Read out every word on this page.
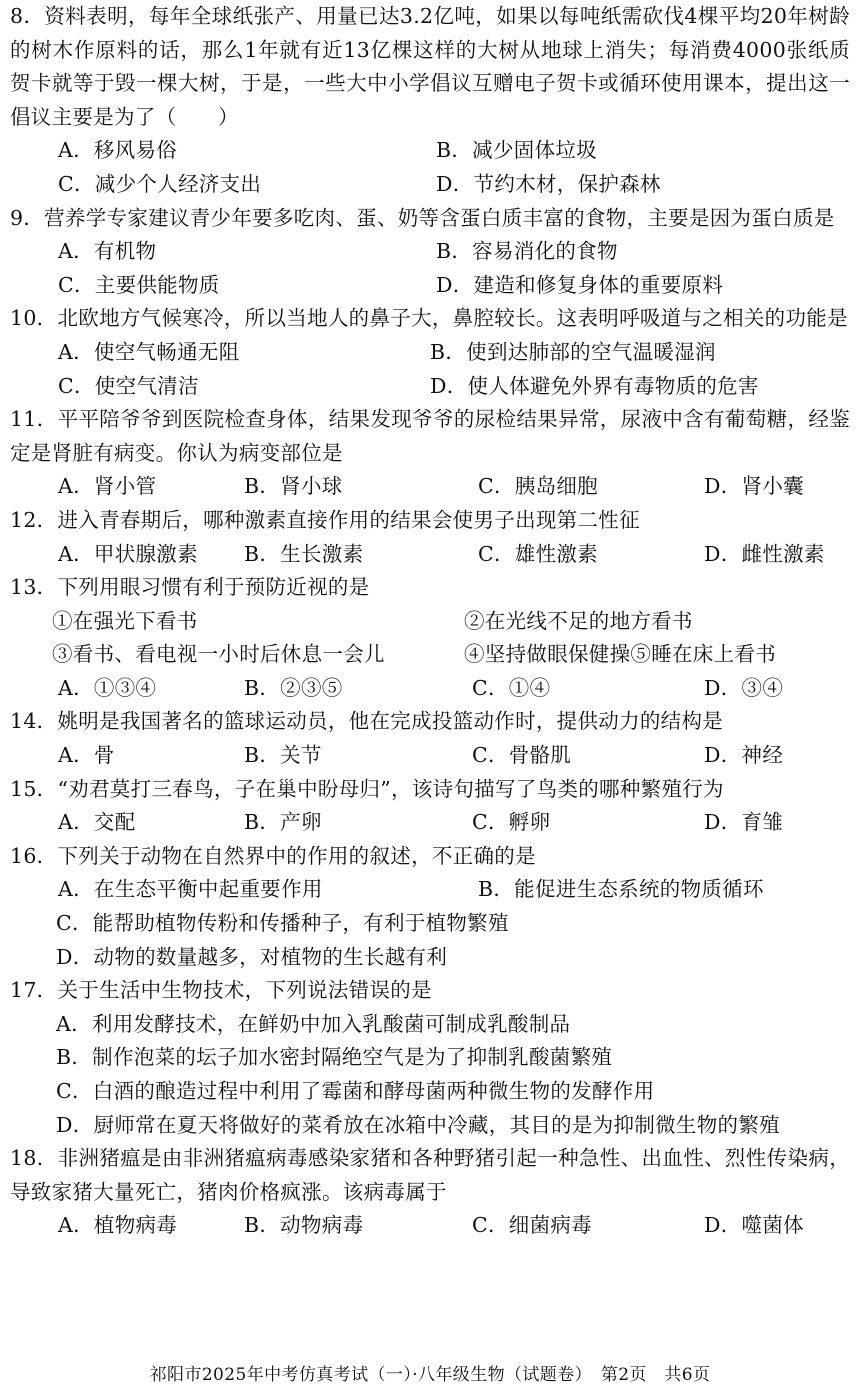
8．资料表明，每年全球纸张产、用量已达3.2亿吨，如果以每吨纸需砍伐4棵平均20年树龄的树木作原料的话，那么1年就有近13亿棵这样的大树从地球上消失；每消费4000张纸质贺卡就等于毁一棵大树，于是，一些大中小学倡议互赠电子贺卡或循环使用课本，提出这一倡议主要是为了（　　）
A．移风易俗	B．减少固体垃圾
C．减少个人经济支出	D．节约木材，保护森林
9．营养学专家建议青少年要多吃肉、蛋、奶等含蛋白质丰富的食物，主要是因为蛋白质是
A．有机物	B．容易消化的食物
C．主要供能物质	D．建造和修复身体的重要原料
10．北欧地方气候寒冷，所以当地人的鼻子大，鼻腔较长。这表明呼吸道与之相关的功能是
A．使空气畅通无阻	B．使到达肺部的空气温暖湿润
C．使空气清洁	D．使人体避免外界有毒物质的危害
11．平平陪爷爷到医院检查身体，结果发现爷爷的尿检结果异常，尿液中含有葡萄糖，经鉴定是肾脏有病变。你认为病变部位是
A．肾小管	B．肾小球	C．胰岛细胞	D．肾小囊
12．进入青春期后，哪种激素直接作用的结果会使男子出现第二性征
A．甲状腺激素 B．生长激素	C．雄性激素	D．雌性激素
13．下列用眼习惯有利于预防近视的是
①在强光下看书	②在光线不足的地方看书
③看书、看电视一小时后休息一会儿	④坚持做眼保健操⑤睡在床上看书
A．①③④	B．②③⑤	C．①④	D．③④
14．姚明是我国著名的篮球运动员，他在完成投篮动作时，提供动力的结构是
A．骨	B．关节	C．骨骼肌	D．神经
15．“劝君莫打三春鸟，子在巢中盼母归”，该诗句描写了鸟类的哪种繁殖行为
A．交配	B．产卵	C．孵卵	D．育雏
16．下列关于动物在自然界中的作用的叙述，不正确的是
A．在生态平衡中起重要作用	B．能促进生态系统的物质循环
C．能帮助植物传粉和传播种子，有利于植物繁殖
D．动物的数量越多，对植物的生长越有利
17．关于生活中生物技术，下列说法错误的是
A．利用发酵技术，在鲜奶中加入乳酸菌可制成乳酸制品
B．制作泡菜的坛子加水密封隔绝空气是为了抑制乳酸菌繁殖
C．白酒的酿造过程中利用了霉菌和酵母菌两种微生物的发酵作用
D．厨师常在夏天将做好的菜肴放在冰箱中冷藏，其目的是为抑制微生物的繁殖
18．非洲猪瘟是由非洲猪瘟病毒感染家猪和各种野猪引起一种急性、出血性、烈性传染病，导致家猪大量死亡，猪肉价格疯涨。该病毒属于
A．植物病毒	B．动物病毒	C．细菌病毒	D．噬菌体
祁阳市2025年中考仿真考试（一）·八年级生物（试题卷）　第2页　共6页
